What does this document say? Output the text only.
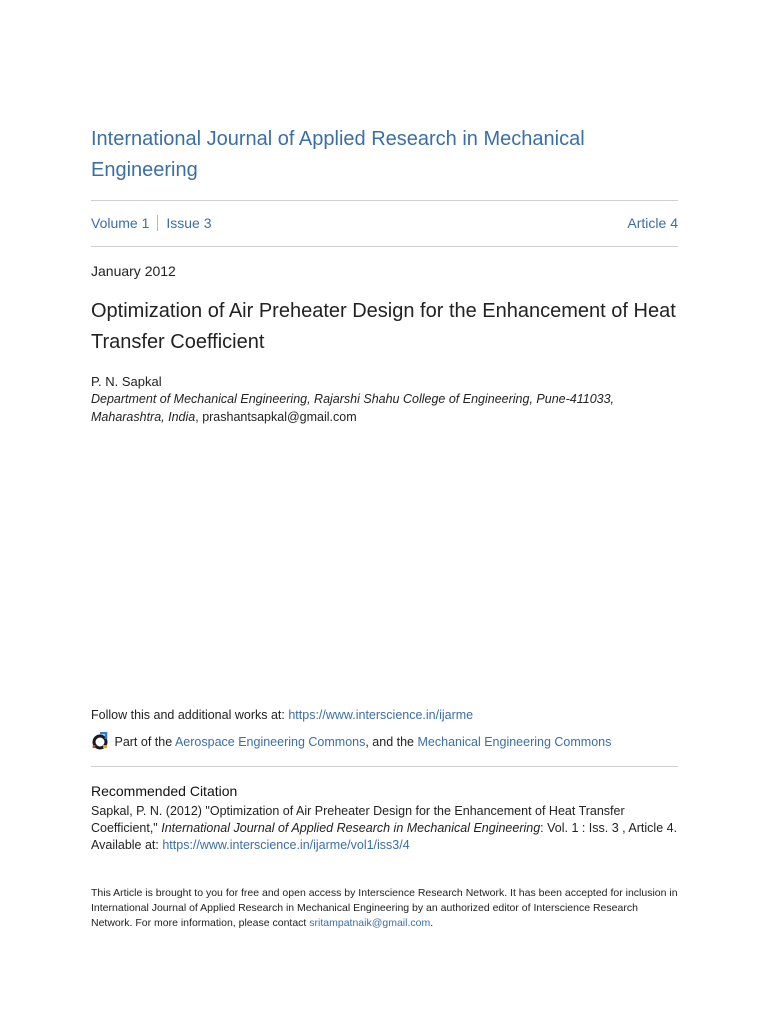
International Journal of Applied Research in Mechanical Engineering
Volume 1 Issue 3	Article 4
January 2012
Optimization of Air Preheater Design for the Enhancement of Heat Transfer Coefficient
P. N. Sapkal
Department of Mechanical Engineering, Rajarshi Shahu College of Engineering, Pune-411033, Maharashtra, India, prashantsapkal@gmail.com
Follow this and additional works at: https://www.interscience.in/ijarme
Part of the Aerospace Engineering Commons, and the Mechanical Engineering Commons
Recommended Citation
Sapkal, P. N. (2012) "Optimization of Air Preheater Design for the Enhancement of Heat Transfer Coefficient," International Journal of Applied Research in Mechanical Engineering: Vol. 1 : Iss. 3 , Article 4.
Available at: https://www.interscience.in/ijarme/vol1/iss3/4
This Article is brought to you for free and open access by Interscience Research Network. It has been accepted for inclusion in International Journal of Applied Research in Mechanical Engineering by an authorized editor of Interscience Research Network. For more information, please contact sritampatnaik@gmail.com.
